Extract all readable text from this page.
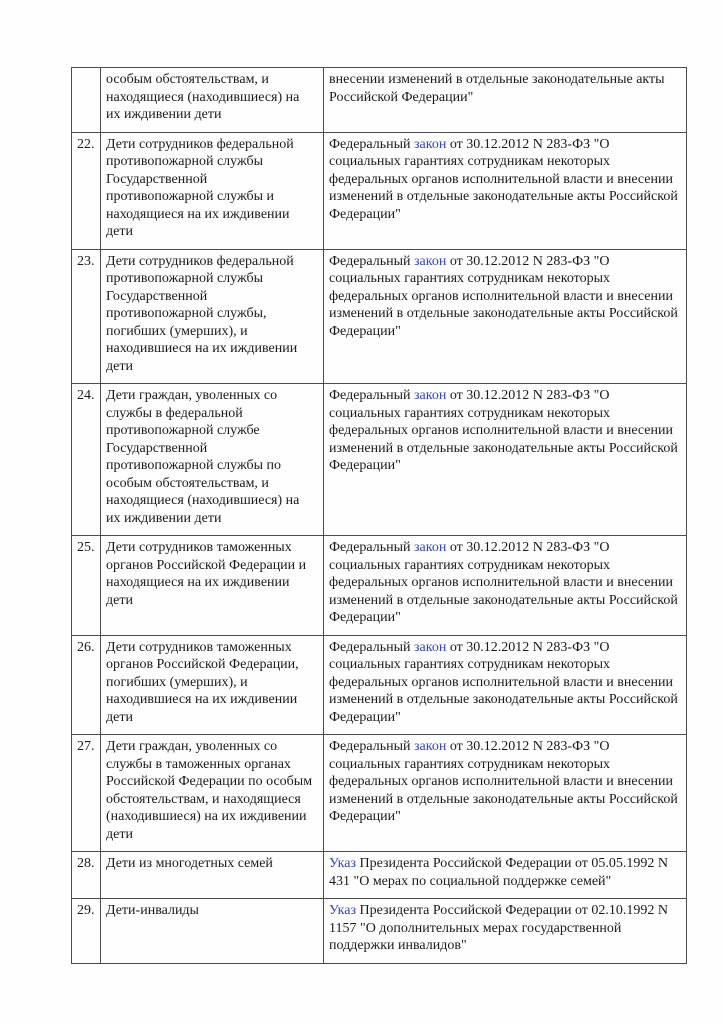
	особым обстоятельствам, и находящиеся (находившиеся) на их иждивении дети	внесении изменений в отдельные законодательные акты Российской Федерации"
22.	Дети сотрудников федеральной противопожарной службы Государственной противопожарной службы и находящиеся на их иждивении дети	Федеральный закон от 30.12.2012 N 283-ФЗ "О социальных гарантиях сотрудникам некоторых федеральных органов исполнительной власти и внесении изменений в отдельные законодательные акты Российской Федерации"
23.	Дети сотрудников федеральной противопожарной службы Государственной противопожарной службы, погибших (умерших), и находившиеся на их иждивении дети	Федеральный закон от 30.12.2012 N 283-ФЗ "О социальных гарантиях сотрудникам некоторых федеральных органов исполнительной власти и внесении изменений в отдельные законодательные акты Российской Федерации"
24.	Дети граждан, уволенных со службы в федеральной противопожарной службе Государственной противопожарной службы по особым обстоятельствам, и находящиеся (находившиеся) на их иждивении дети	Федеральный закон от 30.12.2012 N 283-ФЗ "О социальных гарантиях сотрудникам некоторых федеральных органов исполнительной власти и внесении изменений в отдельные законодательные акты Российской Федерации"
25.	Дети сотрудников таможенных органов Российской Федерации и находящиеся на их иждивении дети	Федеральный закон от 30.12.2012 N 283-ФЗ "О социальных гарантиях сотрудникам некоторых федеральных органов исполнительной власти и внесении изменений в отдельные законодательные акты Российской Федерации"
26.	Дети сотрудников таможенных органов Российской Федерации, погибших (умерших), и находившиеся на их иждивении дети	Федеральный закон от 30.12.2012 N 283-ФЗ "О социальных гарантиях сотрудникам некоторых федеральных органов исполнительной власти и внесении изменений в отдельные законодательные акты Российской Федерации"
27.	Дети граждан, уволенных со службы в таможенных органах Российской Федерации по особым обстоятельствам, и находящиеся (находившиеся) на их иждивении дети	Федеральный закон от 30.12.2012 N 283-ФЗ "О социальных гарантиях сотрудникам некоторых федеральных органов исполнительной власти и внесении изменений в отдельные законодательные акты Российской Федерации"
28.	Дети из многодетных семей	Указ Президента Российской Федерации от 05.05.1992 N 431 "О мерах по социальной поддержке семей"
29.	Дети-инвалиды	Указ Президента Российской Федерации от 02.10.1992 N 1157 "О дополнительных мерах государственной поддержки инвалидов"
